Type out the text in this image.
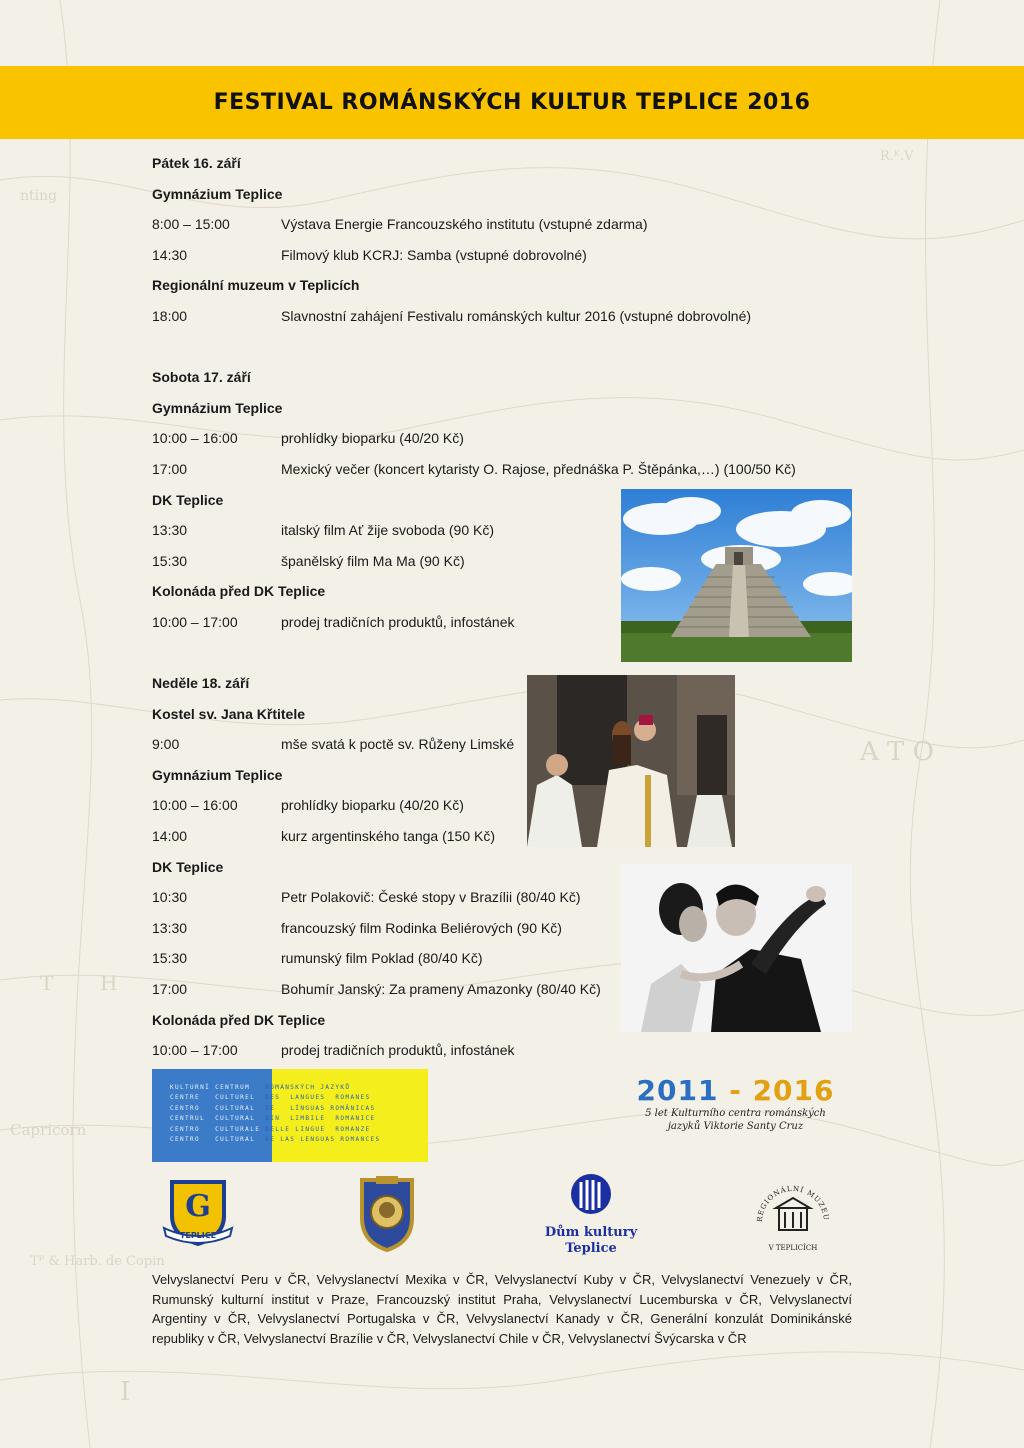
nting
Capricorn
T H
Tᴾ & Harb. de Copin
I
R.ᴷ.V
A T O
FESTIVAL ROMÁNSKÝCH KULTUR TEPLICE 2016
Pátek 16. září
Gymnázium Teplice
8:00 – 15:00	Výstava Energie Francouzského institutu (vstupné zdarma)
14:30	Filmový klub KCRJ: Samba (vstupné dobrovolné)
Regionální muzeum v Teplicích
18:00	Slavnostní zahájení Festivalu románských kultur 2016 (vstupné dobrovolné)
Sobota 17. září
Gymnázium Teplice
10:00 – 16:00	prohlídky bioparku (40/20 Kč)
17:00	Mexický večer (koncert kytaristy O. Rajose, přednáška P. Štěpánka,…) (100/50 Kč)
DK Teplice
13:30	italský film Ať žije svoboda (90 Kč)
15:30	španělský film Ma Ma (90 Kč)
Kolonáda před DK Teplice
10:00 – 17:00	prodej tradičních produktů, infostánek
Neděle 18. září
Kostel sv. Jana Křtitele
9:00	mše svatá k poctě sv. Růženy Limské
Gymnázium Teplice
10:00 – 16:00	prohlídky bioparku (40/20 Kč)
14:00	kurz argentinského tanga (150 Kč)
DK Teplice
10:30	Petr Polakovič: České stopy v Brazílii (80/40 Kč)
13:30	francouzský film Rodinka Beliérových (90 Kč)
15:30	rumunský film Poklad (80/40 Kč)
17:00	Bohumír Janský: Za prameny Amazonky (80/40 Kč)
Kolonáda před DK Teplice
10:00 – 17:00	prodej tradičních produktů, infostánek
KULTURNÍ CENTRUM   ROMÁNSKÝCH JAZYKŮ
CENTRE   CULTUREL  DES  LANGUES  ROMANES
CENTRO   CULTURAL  DE   LÍNGUAS ROMÂNICAS
CENTRUL  CULTURAL  DIN  LIMBILE  ROMANICE
CENTRO   CULTURALE DELLE LINGUE  ROMANZE
CENTRO   CULTURAL  DE LAS LENGUAS ROMANCES
2011 - 2016
5 let Kulturního centra románských
jazyků Viktorie Santy Cruz
G
TEPLICE	Dům kultury
Teplice
REGIONÁLNÍ MUZEU
V TEPLICÍCH
Velvyslanectví Peru v ČR, Velvyslanectví Mexika v ČR, Velvyslanectví Kuby v ČR, Velvyslanectví Venezuely v ČR, Rumunský kulturní institut v Praze, Francouzský institut Praha, Velvyslanectví Lucemburska v ČR, Velvyslanectví Argentiny v ČR, Velvyslanectví Portugalska v ČR, Velvyslanectví Kanady v ČR, Generální konzulát Dominikánské republiky v ČR, Velvyslanectví Brazílie v ČR, Velvyslanectví Chile v ČR, Velvyslanectví Švýcarska v ČR
